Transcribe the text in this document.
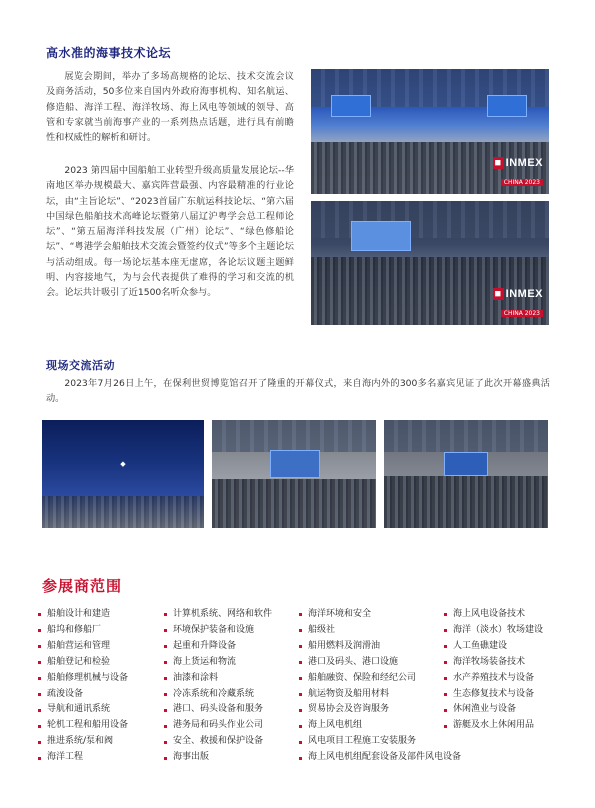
高水准的海事技术论坛

展览会期间，举办了多场高规格的论坛、技术交流会议及商务活动，50多位来自国内外政府海事机构、知名航运、修造船、海洋工程、海洋牧场、海上风电等领域的领导、高管和专家就当前海事产业的一系列热点话题，进行具有前瞻性和权威性的解析和研讨。

2023 第四届中国船舶工业转型升级高质量发展论坛--华南地区举办规模最大、嘉宾阵营最强、内容最精准的行业论坛，由“主旨论坛”、“2023首届广东航运科技论坛、“第六届中国绿色船舶技术高峰论坛暨第八届辽沪粤学会总工程师论坛”、“第五届海洋科技发展（广州）论坛”、“绿色修船论坛”、“粤港学会船舶技术交流会暨签约仪式”等多个主题论坛与活动组成。每一场论坛基本座无虚席，各论坛议题主题鲜明、内容接地气，为与会代表提供了难得的学习和交流的机会。论坛共计吸引了近1500名听众参与。

■ INMEX
CHINA 2023
■ INMEX
CHINA 2023
现场交流活动

2023年7月26日上午，在保利世贸博览馆召开了隆重的开幕仪式，来自海内外的300多名嘉宾见证了此次开幕盛典活动。

◆
参展商范围
船舶设计和建造
船坞和修船厂
船舶营运和管理
船舶登记和检验
船舶修理机械与设备
疏浚设备
导航和通讯系统
轮机工程和船用设备
推进系统/泵和阀
海洋工程
计算机系统、网络和软件
环境保护装备和设施
起重和升降设备
海上货运和物流
油漆和涂料
冷冻系统和冷藏系统
港口、码头设备和服务
港务局和码头作业公司
安全、救援和保护设备
海事出版
海洋环境和安全
船级社
船用燃料及润滑油
港口及码头、港口设施
船舶融资、保险和经纪公司
航运物资及船用材料
贸易协会及咨询服务
海上风电机组
风电项目工程施工安装服务
海上风电机组配套设备及部件风电设备
海上风电设备技术
海洋（淡水）牧场建设
人工鱼礁建设
海洋牧场装备技术
水产养殖技术与设备
生态修复技术与设备
休闲渔业与设备
游艇及水上休闲用品
